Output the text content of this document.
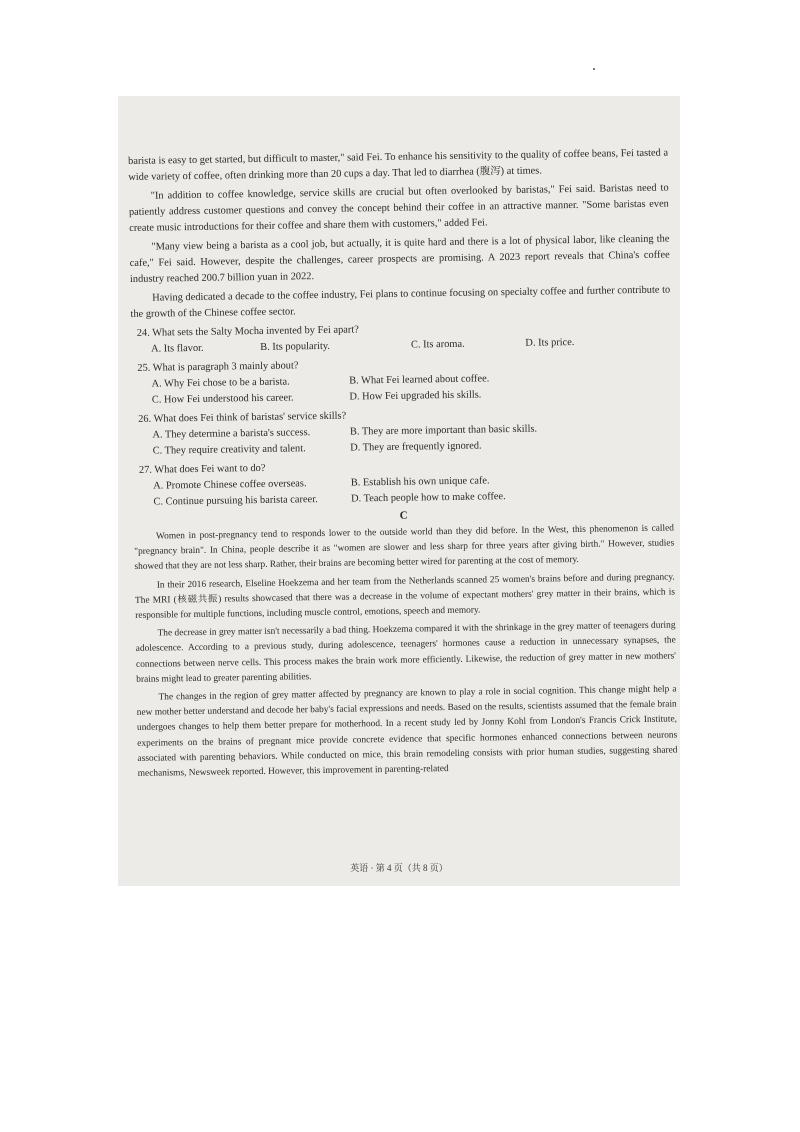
barista is easy to get started, but difficult to master," said Fei. To enhance his sensitivity to the quality of coffee beans, Fei tasted a wide variety of coffee, often drinking more than 20 cups a day. That led to diarrhea (腹泻) at times.

"In addition to coffee knowledge, service skills are crucial but often overlooked by baristas," Fei said. Baristas need to patiently address customer questions and convey the concept behind their coffee in an attractive manner. "Some baristas even create music introductions for their coffee and share them with customers," added Fei.

"Many view being a barista as a cool job, but actually, it is quite hard and there is a lot of physical labor, like cleaning the cafe," Fei said. However, despite the challenges, career prospects are promising. A 2023 report reveals that China's coffee industry reached 200.7 billion yuan in 2022.

Having dedicated a decade to the coffee industry, Fei plans to continue focusing on specialty coffee and further contribute to the growth of the Chinese coffee sector.

24. What sets the Salty Mocha invented by Fei apart?
A. Its flavor.	B. Its popularity.	C. Its aroma.	D. Its price.
25. What is paragraph 3 mainly about?
A. Why Fei chose to be a barista.	B. What Fei learned about coffee.
C. How Fei understood his career.	D. How Fei upgraded his skills.
26. What does Fei think of baristas' service skills?
A. They determine a barista's success.	B. They are more important than basic skills.
C. They require creativity and talent.	D. They are frequently ignored.
27. What does Fei want to do?
A. Promote Chinese coffee overseas.	B. Establish his own unique cafe.
C. Continue pursuing his barista career.	D. Teach people how to make coffee.
C

Women in post-pregnancy tend to responds lower to the outside world than they did before. In the West, this phenomenon is called "pregnancy brain". In China, people describe it as "women are slower and less sharp for three years after giving birth." However, studies showed that they are not less sharp. Rather, their brains are becoming better wired for parenting at the cost of memory.

In their 2016 research, Elseline Hoekzema and her team from the Netherlands scanned 25 women's brains before and during pregnancy. The MRI (核磁共振) results showcased that there was a decrease in the volume of expectant mothers' grey matter in their brains, which is responsible for multiple functions, including muscle control, emotions, speech and memory.

The decrease in grey matter isn't necessarily a bad thing. Hoekzema compared it with the shrinkage in the grey matter of teenagers during adolescence. According to a previous study, during adolescence, teenagers' hormones cause a reduction in unnecessary synapses, the connections between nerve cells. This process makes the brain work more efficiently. Likewise, the reduction of grey matter in new mothers' brains might lead to greater parenting abilities.

The changes in the region of grey matter affected by pregnancy are known to play a role in social cognition. This change might help a new mother better understand and decode her baby's facial expressions and needs. Based on the results, scientists assumed that the female brain undergoes changes to help them better prepare for motherhood. In a recent study led by Jonny Kohl from London's Francis Crick Institute, experiments on the brains of pregnant mice provide concrete evidence that specific hormones enhanced connections between neurons associated with parenting behaviors. While conducted on mice, this brain remodeling consists with prior human studies, suggesting shared mechanisms, Newsweek reported. However, this improvement in parenting-related

英语 · 第 4 页（共 8 页）
